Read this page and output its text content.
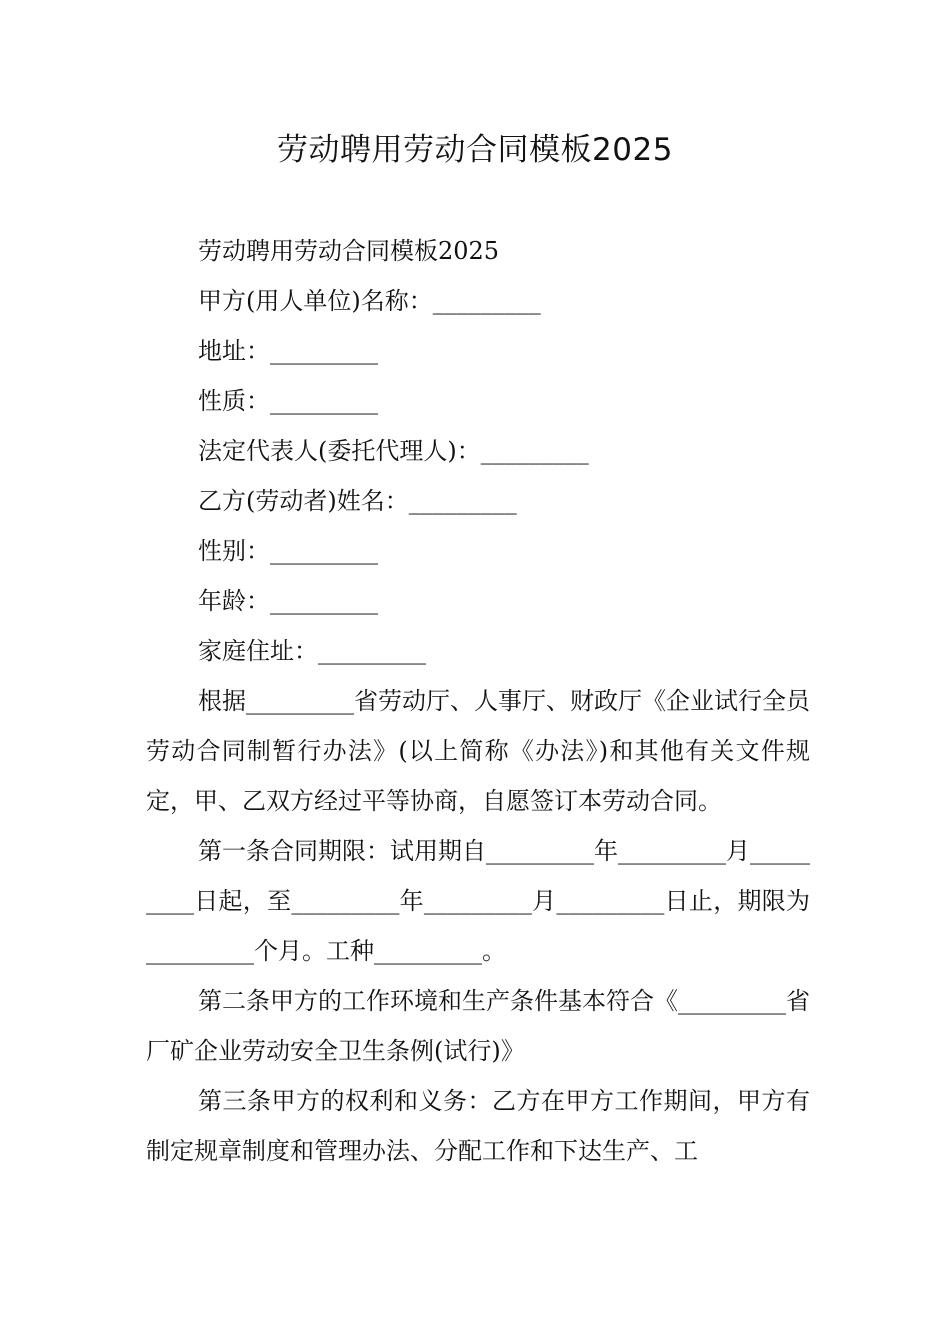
劳动聘用劳动合同模板2025

劳动聘用劳动合同模板2025

甲方(用人单位)名称：_________

地址：_________

性质：_________

法定代表人(委托代理人)：_________

乙方(劳动者)姓名：_________

性别：_________

年龄：_________

家庭住址：_________

根据_________省劳动厅、人事厅、财政厅《企业试行全员劳动合同制暂行办法》(以上简称《办法》)和其他有关文件规定，甲、乙双方经过平等协商，自愿签订本劳动合同。

第一条合同期限：试用期自_________年_________月_________日起，至_________年_________月_________日止，期限为_________个月。工种_________。

第二条甲方的工作环境和生产条件基本符合《_________省厂矿企业劳动安全卫生条例(试行)》

第三条甲方的权利和义务：乙方在甲方工作期间，甲方有制定规章制度和管理办法、分配工作和下达生产、工
